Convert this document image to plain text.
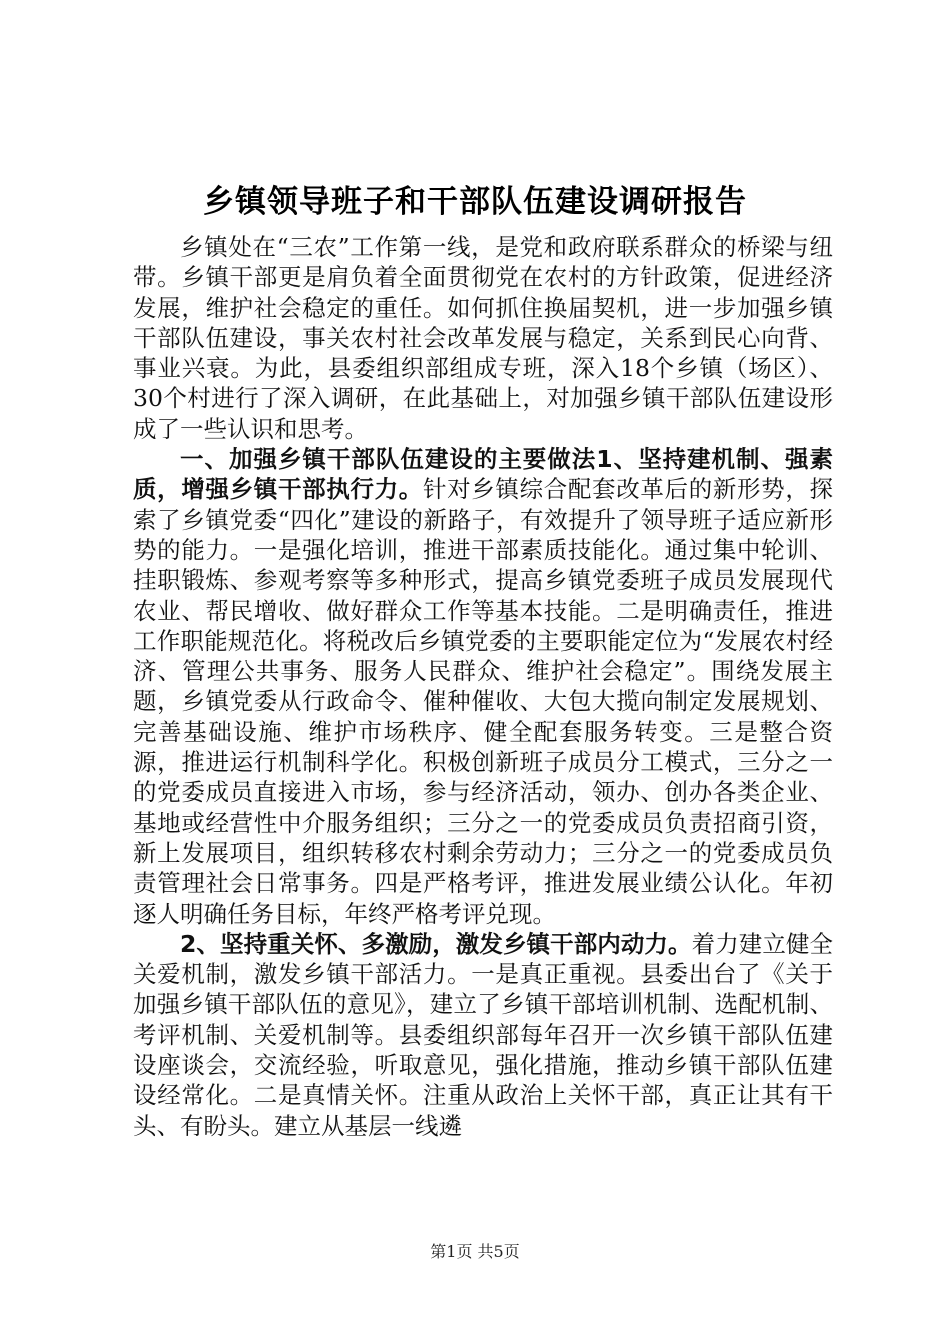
乡镇领导班子和干部队伍建设调研报告

乡镇处在“三农”工作第一线，是党和政府联系群众的桥梁与纽带。乡镇干部更是肩负着全面贯彻党在农村的方针政策，促进经济发展，维护社会稳定的重任。如何抓住换届契机，进一步加强乡镇干部队伍建设，事关农村社会改革发展与稳定，关系到民心向背、事业兴衰。为此，县委组织部组成专班，深入18个乡镇（场区）、30个村进行了深入调研，在此基础上，对加强乡镇干部队伍建设形成了一些认识和思考。

一、加强乡镇干部队伍建设的主要做法1、坚持建机制、强素质，增强乡镇干部执行力。针对乡镇综合配套改革后的新形势，探索了乡镇党委“四化”建设的新路子，有效提升了领导班子适应新形势的能力。一是强化培训，推进干部素质技能化。通过集中轮训、挂职锻炼、参观考察等多种形式，提高乡镇党委班子成员发展现代农业、帮民增收、做好群众工作等基本技能。二是明确责任，推进工作职能规范化。将税改后乡镇党委的主要职能定位为“发展农村经济、管理公共事务、服务人民群众、维护社会稳定”。围绕发展主题，乡镇党委从行政命令、催种催收、大包大揽向制定发展规划、完善基础设施、维护市场秩序、健全配套服务转变。三是整合资源，推进运行机制科学化。积极创新班子成员分工模式，三分之一的党委成员直接进入市场，参与经济活动，领办、创办各类企业、基地或经营性中介服务组织；三分之一的党委成员负责招商引资，新上发展项目，组织转移农村剩余劳动力；三分之一的党委成员负责管理社会日常事务。四是严格考评，推进发展业绩公认化。年初逐人明确任务目标，年终严格考评兑现。

2、坚持重关怀、多激励，激发乡镇干部内动力。着力建立健全关爱机制，激发乡镇干部活力。一是真正重视。县委出台了《关于加强乡镇干部队伍的意见》，建立了乡镇干部培训机制、选配机制、考评机制、关爱机制等。县委组织部每年召开一次乡镇干部队伍建设座谈会，交流经验，听取意见，强化措施，推动乡镇干部队伍建设经常化。二是真情关怀。注重从政治上关怀干部，真正让其有干头、有盼头。建立从基层一线遴

第1页 共5页
